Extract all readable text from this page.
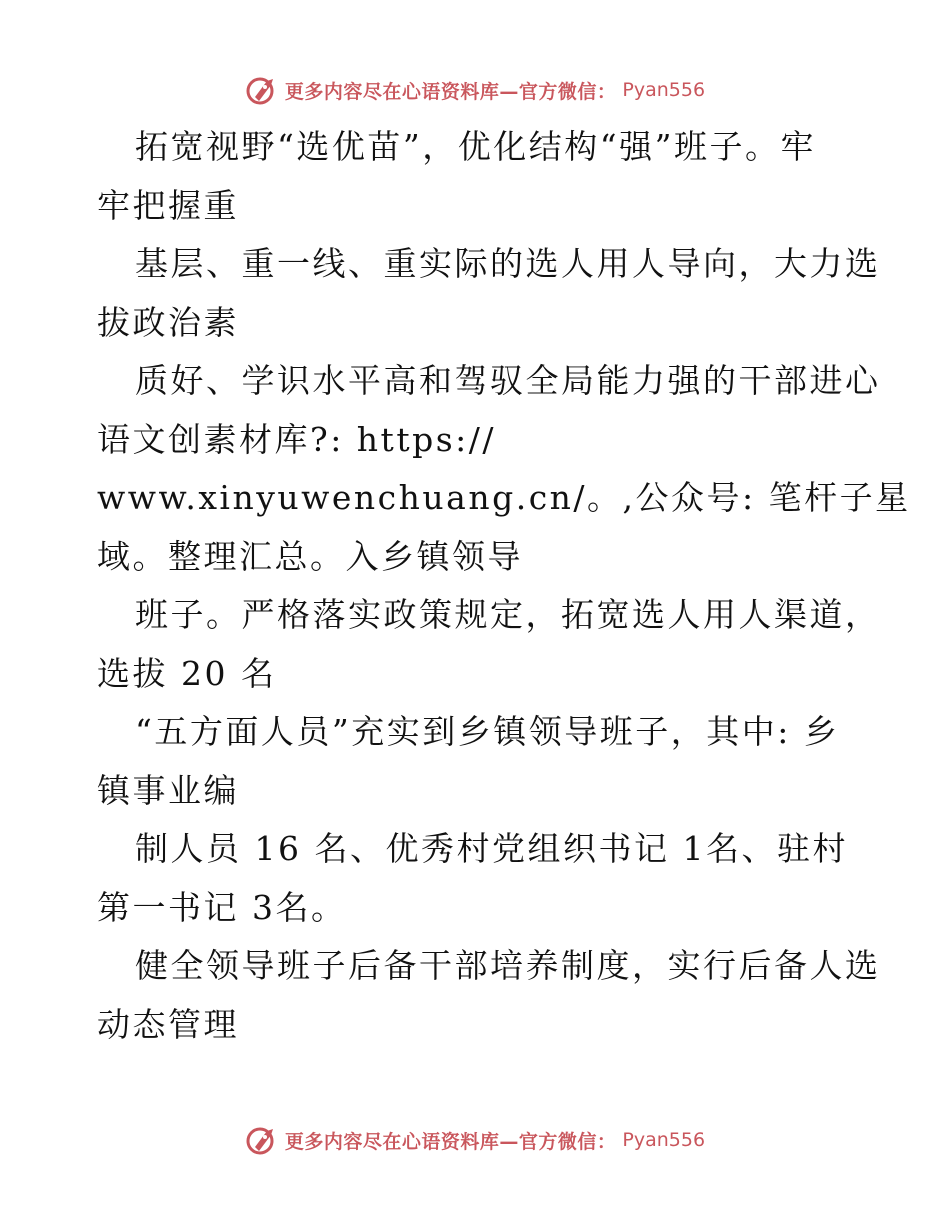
更多内容尽在心语资料库—官方微信： Pyan556
拓宽视野“选优苗”，优化结构“强”班子。牢
牢把握重
基层、重一线、重实际的选人用人导向，大力选
拔政治素
质好、学识水平高和驾驭全局能力强的干部进心
语文创素材库?: https://
www.xinyuwenchuang.cn/。,公众号: 笔杆子星
域。整理汇总。入乡镇领导
班子。严格落实政策规定，拓宽选人用人渠道，
选拔 20 名
“五方面人员”充实到乡镇领导班子，其中: 乡
镇事业编
制人员 16 名、优秀村党组织书记 1名、驻村
第一书记 3名。
健全领导班子后备干部培养制度，实行后备人选
动态管理
更多内容尽在心语资料库—官方微信： Pyan556
